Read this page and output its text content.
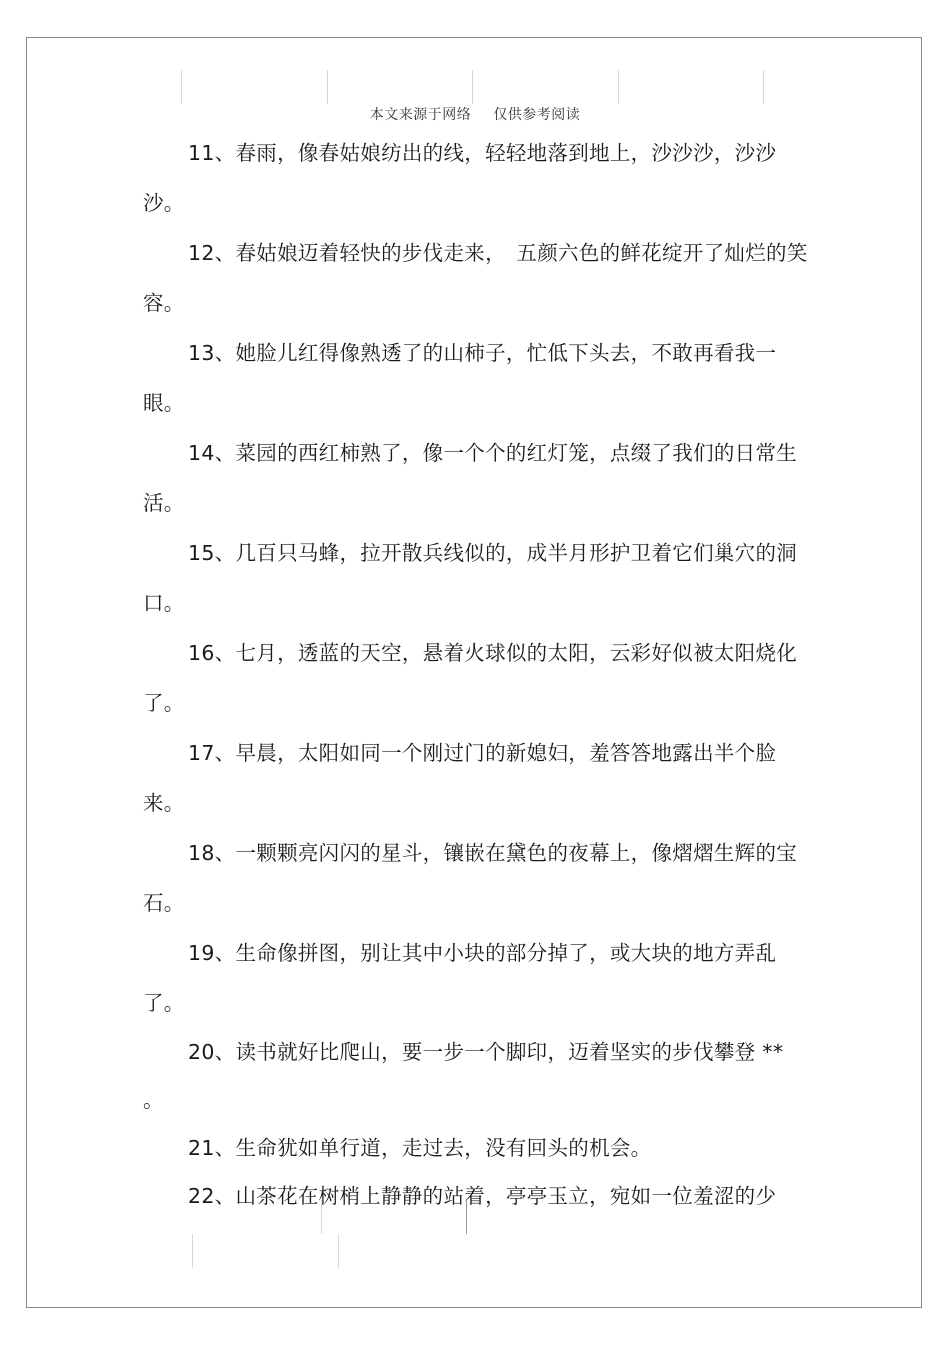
本文来源于网络 仅供参考阅读

11、春雨，像春姑娘纺出的线，轻轻地落到地上，沙沙沙，沙沙沙。

12、春姑娘迈着轻快的步伐走来，　五颜六色的鲜花绽开了灿烂的笑容。

13、她脸儿红得像熟透了的山柿子，忙低下头去，不敢再看我一眼。

14、菜园的西红柿熟了，像一个个的红灯笼，点缀了我们的日常生活。

15、几百只马蜂，拉开散兵线似的，成半月形护卫着它们巢穴的洞口。

16、七月，透蓝的天空，悬着火球似的太阳，云彩好似被太阳烧化了。

17、早晨，太阳如同一个刚过门的新媳妇，羞答答地露出半个脸来。

18、一颗颗亮闪闪的星斗，镶嵌在黛色的夜幕上，像熠熠生辉的宝石。

19、生命像拼图，别让其中小块的部分掉了，或大块的地方弄乱了。

20、读书就好比爬山，要一步一个脚印，迈着坚实的步伐攀登 ** 。

21、生命犹如单行道，走过去，没有回头的机会。

22、山茶花在树梢上静静的站着，亭亭玉立，宛如一位羞涩的少
